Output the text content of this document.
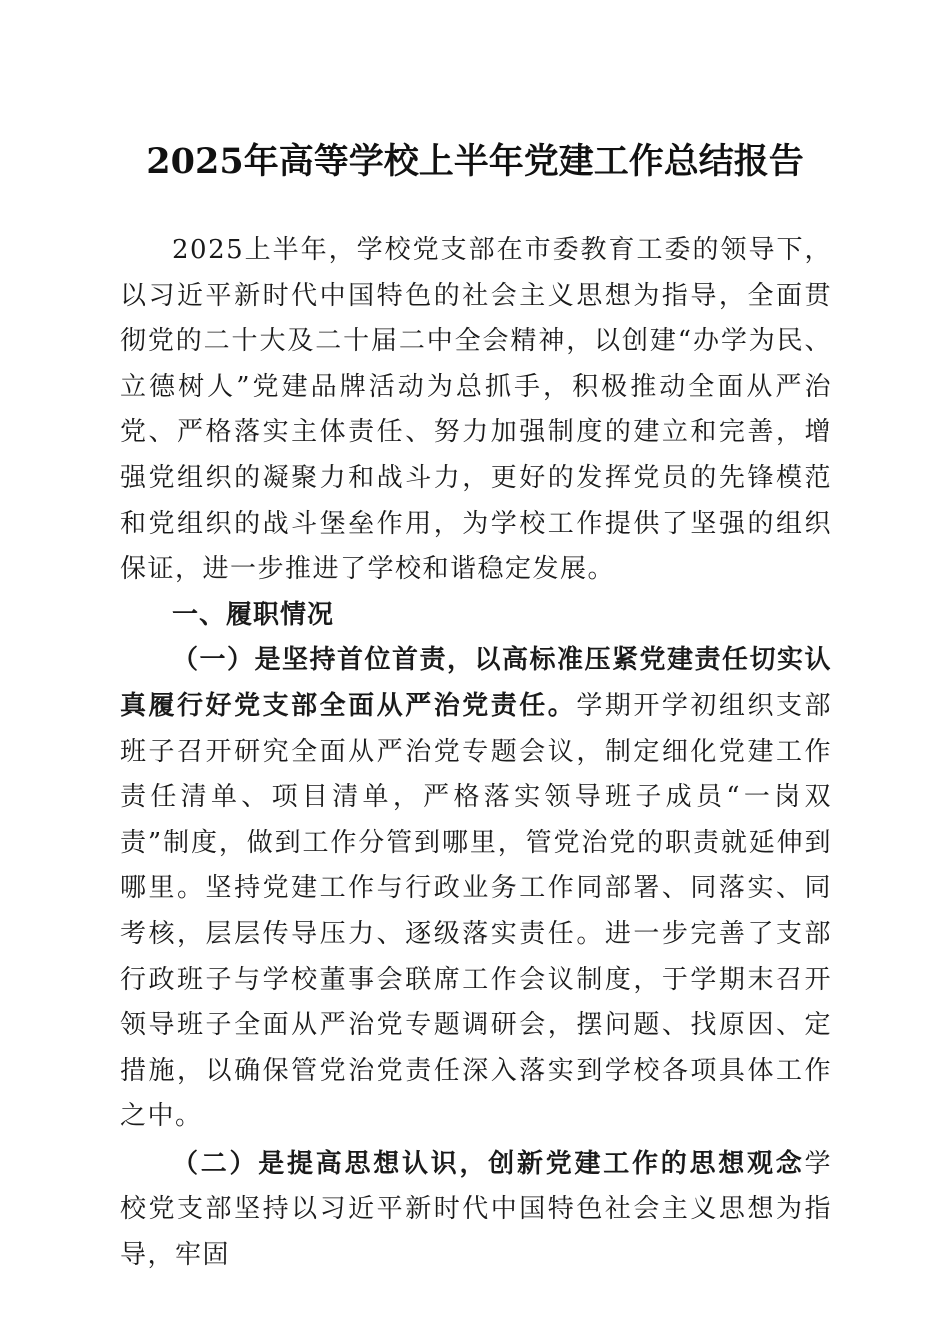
2025年高等学校上半年党建工作总结报告

2025上半年，学校党支部在市委教育工委的领导下，以习近平新时代中国特色的社会主义思想为指导，全面贯彻党的二十大及二十届二中全会精神，以创建“办学为民、立德树人”党建品牌活动为总抓手，积极推动全面从严治党、严格落实主体责任、努力加强制度的建立和完善，增强党组织的凝聚力和战斗力，更好的发挥党员的先锋模范和党组织的战斗堡垒作用，为学校工作提供了坚强的组织保证，进一步推进了学校和谐稳定发展。

一、履职情况

（一）是坚持首位首责，以高标准压紧党建责任切实认真履行好党支部全面从严治党责任。学期开学初组织支部班子召开研究全面从严治党专题会议，制定细化党建工作责任清单、项目清单，严格落实领导班子成员“一岗双责”制度，做到工作分管到哪里，管党治党的职责就延伸到哪里。坚持党建工作与行政业务工作同部署、同落实、同考核，层层传导压力、逐级落实责任。进一步完善了支部行政班子与学校董事会联席工作会议制度，于学期末召开领导班子全面从严治党专题调研会，摆问题、找原因、定措施，以确保管党治党责任深入落实到学校各项具体工作之中。

（二）是提高思想认识，创新党建工作的思想观念学校党支部坚持以习近平新时代中国特色社会主义思想为指导，牢固
